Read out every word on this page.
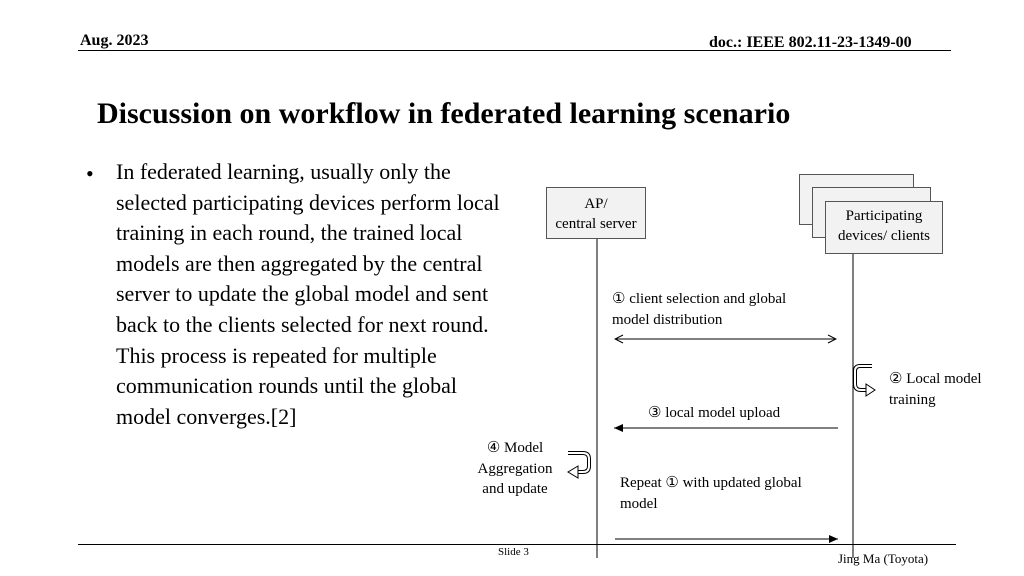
Aug. 2023	doc.: IEEE 802.11-23-1349-00
Discussion on workflow in federated learning scenario
• In federated learning, usually only the selected participating devices perform local training in each round, the trained local models are then aggregated by the central server to update the global model and sent back to the clients selected for next round. This process is repeated for multiple communication rounds until the global model converges.[2]
AP/
central server	Participating
devices/ clients
① client selection and global
model distribution
② Local model
training
③ local model upload
④ Model
Aggregation
and update	Repeat ① with updated global
model
Slide 3	Jing Ma (Toyota)
